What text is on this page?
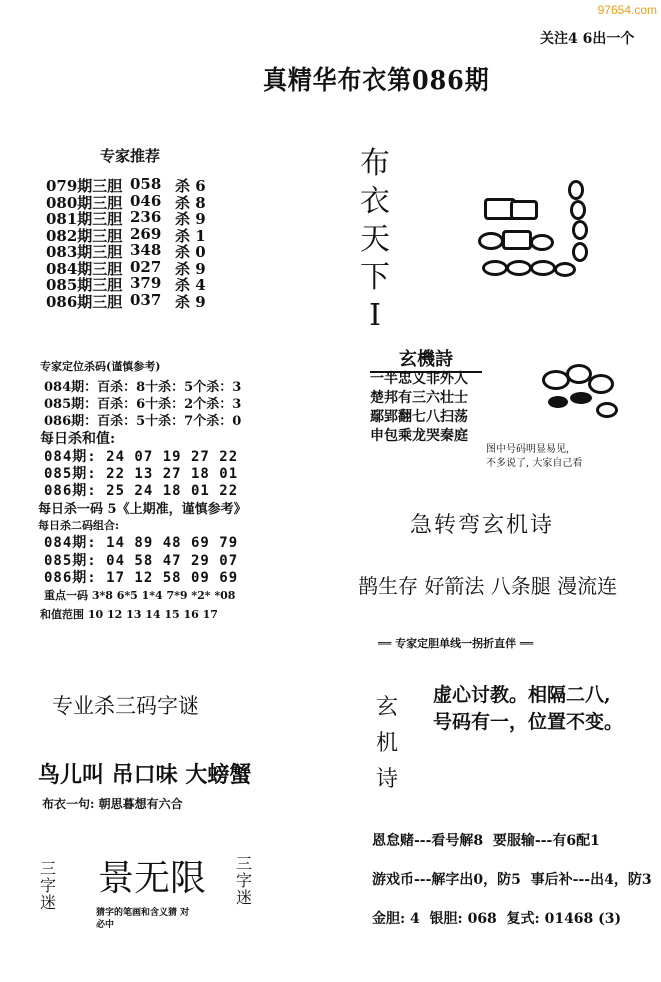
97654.com
关注4 6出一个
真精华布衣第086期
专家推荐
079期三胆 058 杀 6
080期三胆 046 杀 8
081期三胆 236 杀 9
082期三胆 269 杀 1
083期三胆 348 杀 0
084期三胆 027 杀 9
085期三胆 379 杀 4
086期三胆 037 杀 9
专家定位杀码(谨慎参考)
084期：百杀：8十杀：5个杀：3
085期：百杀：6十杀：2个杀：3
086期：百杀：5十杀：7个杀：0
每日杀和值:
084期: 24 07 19 27 22
085期: 22 13 27 18 01
086期: 25 24 18 01 22
每日杀一码 5《上期准，谨慎参考》
每日杀二码组合:
084期: 14 89 48 69 79
085期: 04 58 47 29 07
086期: 17 12 58 09 69
重点一码 3*8 6*5 1*4 7*9 *2* *08
和值范围 10 12 13 14 15 16 17
专业杀三码字谜
鸟儿叫 吊口味 大螃蟹
布衣一句: 朝思暮想有六合
三字迷
景无限
猜字的笔画和含义猜 对必中
三字迷
布
衣
天
下
I
玄機詩
一半忠义非外人
楚邦有三六壮士
鄢郢翻七八扫荡
申包乘龙哭秦庭
图中号码明显易见,
不多说了, 大家自己看
急转弯玄机诗
鹊生存 好箭法 八条腿 漫流连
══ 专家定胆单线一拐折直伴 ══
玄
机
诗
虚心讨教。相隔二八,
号码有一，位置不变。
恩怠赌---看号解8  要服输---有6配1
游戏币---解字出0，防5  事后补---出4，防3
金胆: 4  银胆: 068  复式: 01468 (3)
